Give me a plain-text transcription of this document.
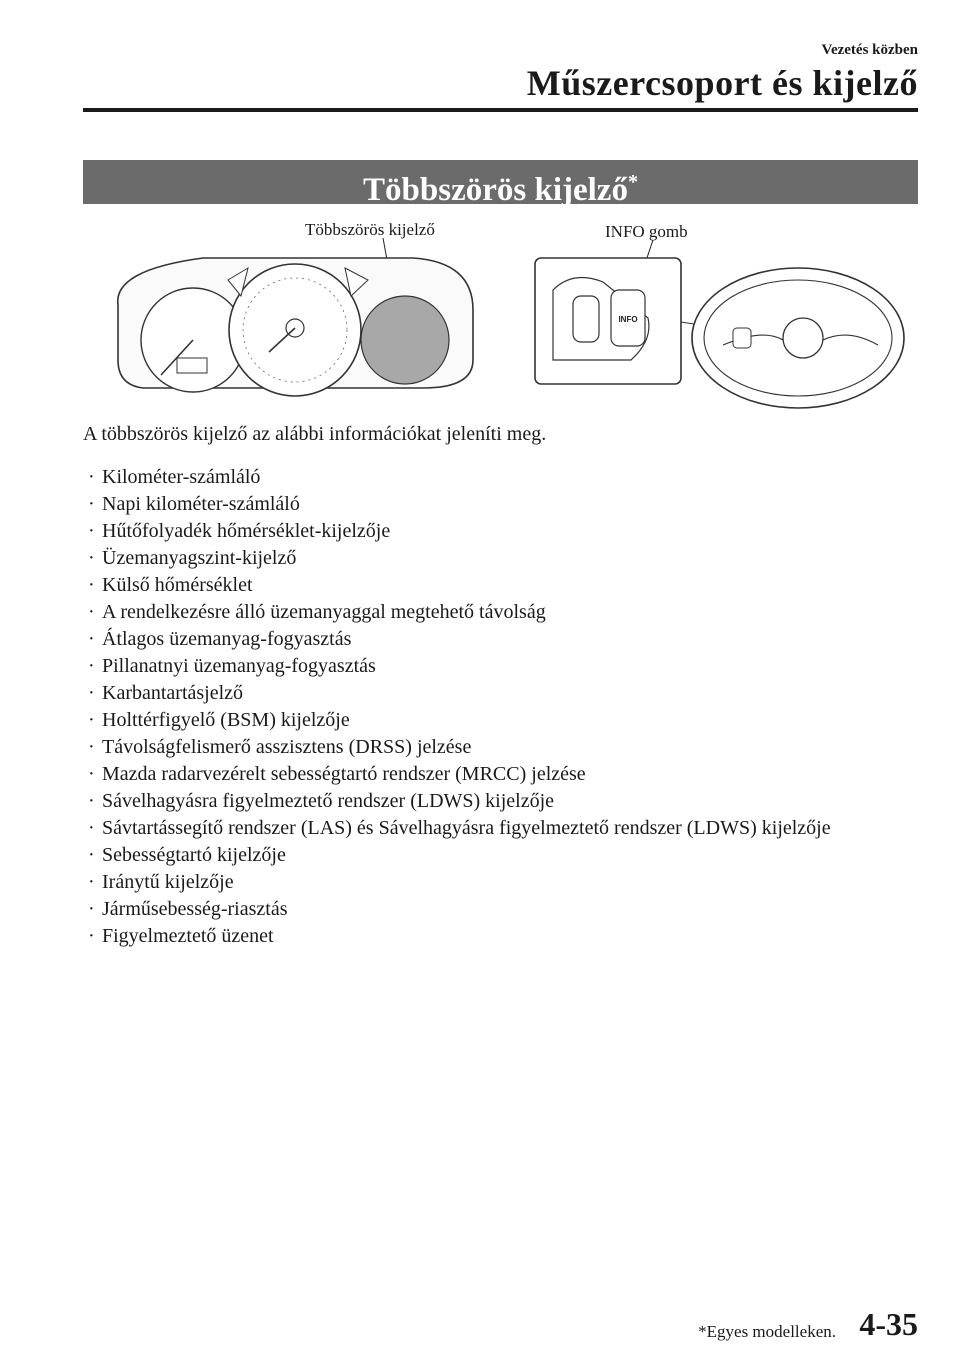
Vezetés közben
Műszercsoport és kijelző
Többszörös kijelző*
Többszörös kijelző	INFO gomb
INFO
A többszörös kijelző az alábbi információkat jeleníti meg.
· Kilométer-számláló
· Napi kilométer-számláló
· Hűtőfolyadék hőmérséklet-kijelzője
· Üzemanyagszint-kijelző
· Külső hőmérséklet
· A rendelkezésre álló üzemanyaggal megtehető távolság
· Átlagos üzemanyag-fogyasztás
· Pillanatnyi üzemanyag-fogyasztás
· Karbantartásjelző
· Holttérfigyelő (BSM) kijelzője
· Távolságfelismerő asszisztens (DRSS) jelzése
· Mazda radarvezérelt sebességtartó rendszer (MRCC) jelzése
· Sávelhagyásra figyelmeztető rendszer (LDWS) kijelzője
· Sávtartássegítő rendszer (LAS) és Sávelhagyásra figyelmeztető rendszer (LDWS) kijelzője
· Sebességtartó kijelzője
· Iránytű kijelzője
· Járműsebesség-riasztás
· Figyelmeztető üzenet
*Egyes modelleken. 4-35
